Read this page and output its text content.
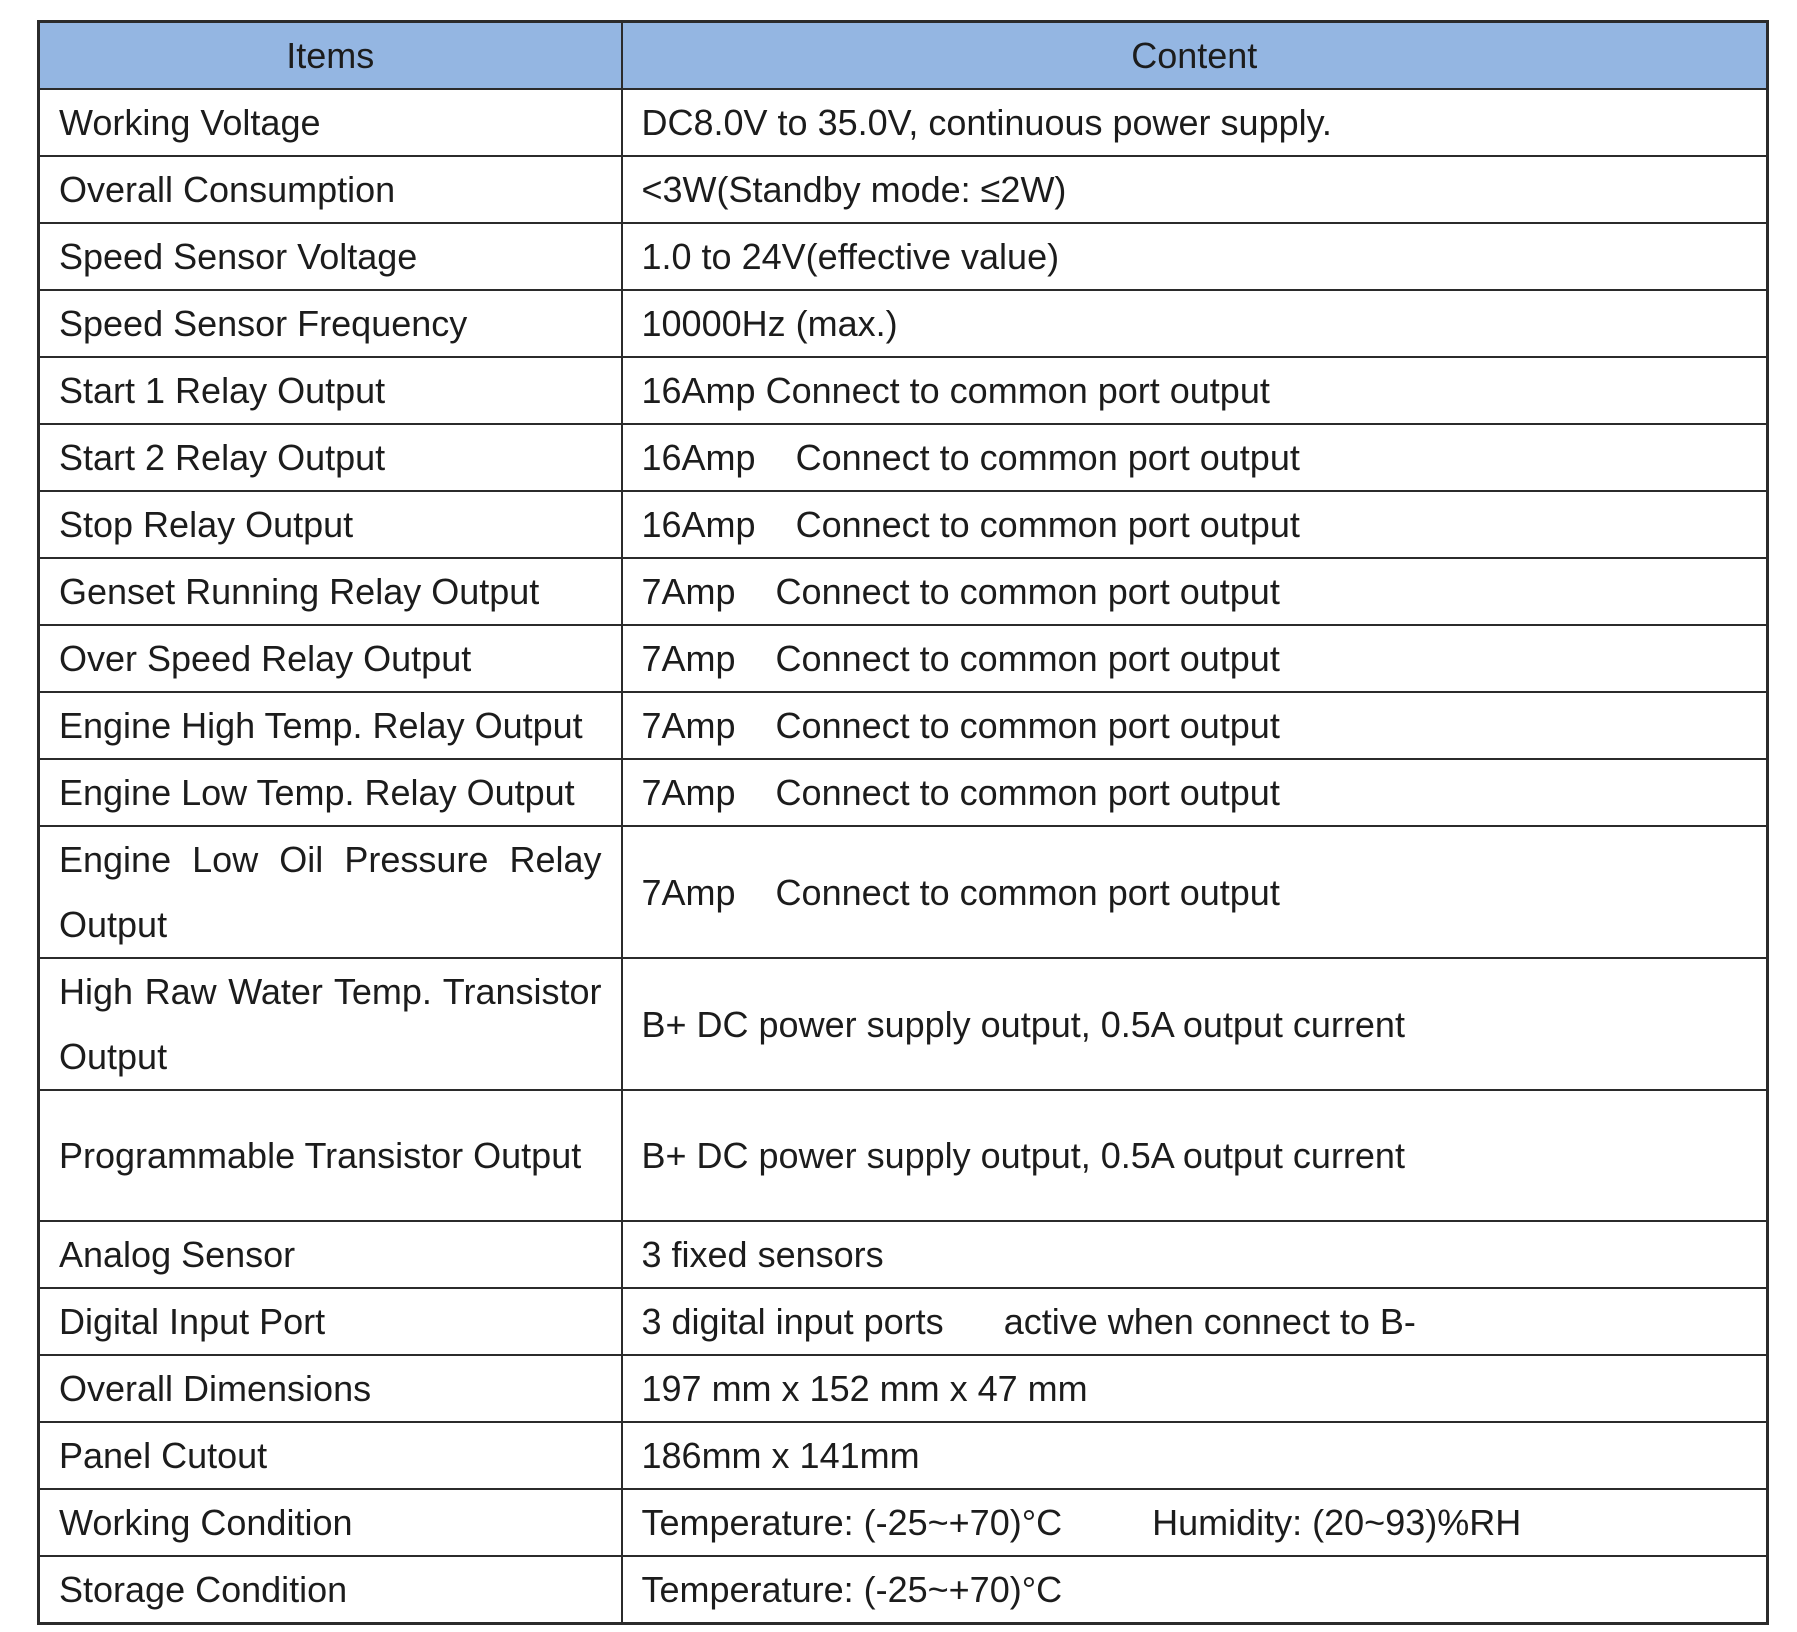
Items	Content
Working Voltage	DC8.0V to 35.0V, continuous power supply.
Overall Consumption	<3W(Standby mode: ≤2W)
Speed Sensor Voltage	1.0 to 24V(effective value)
Speed Sensor Frequency	10000Hz (max.)
Start 1 Relay Output	16Amp Connect to common port output
Start 2 Relay Output	16Amp    Connect to common port output
Stop Relay Output	16Amp    Connect to common port output
Genset Running Relay Output	7Amp    Connect to common port output
Over Speed Relay Output	7Amp    Connect to common port output
Engine High Temp. Relay Output	7Amp    Connect to common port output
Engine Low Temp. Relay Output	7Amp    Connect to common port output
Engine Low Oil Pressure Relay Output	7Amp    Connect to common port output
High Raw Water Temp. Transistor Output	B+ DC power supply output, 0.5A output current
Programmable Transistor Output	B+ DC power supply output, 0.5A output current
Analog Sensor	3 fixed sensors
Digital Input Port	3 digital input ports      active when connect to B-
Overall Dimensions	197 mm x 152 mm x 47 mm
Panel Cutout	186mm x 141mm
Working Condition	Temperature: (-25~+70)°C         Humidity: (20~93)%RH
Storage Condition	Temperature: (-25~+70)°C
